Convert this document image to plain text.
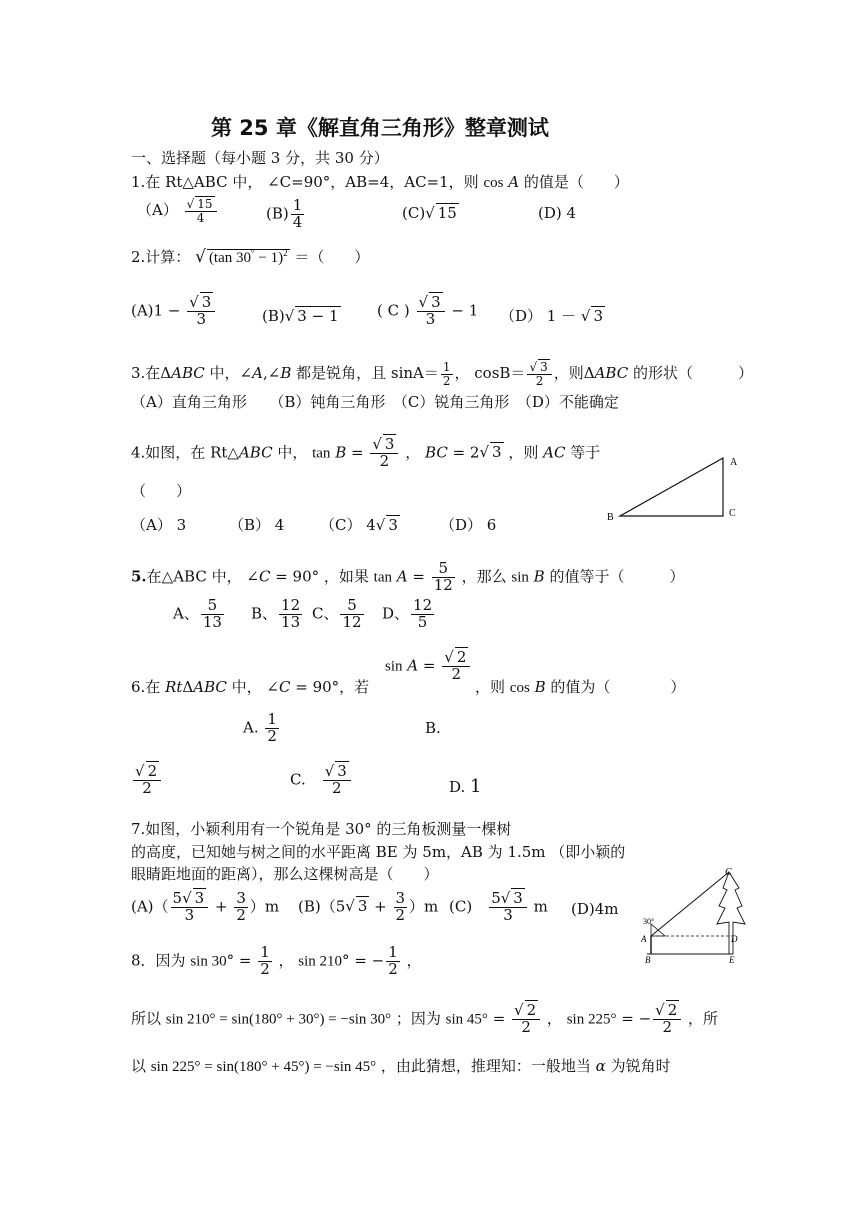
第 25 章《解直角三角形》整章测试
一、选择题（每小题 3 分，共 30 分）
1.在 Rt△ABC 中， ∠C=90°，AB=4，AC=1，则 cos A 的值是（　　）
$(A) \frac{√ 15}{4}$	$(B) \frac{1}{4}$	(C)√ 15	(D) 4
2.计算： √ (tan 30° − 1)$^2$ ＝（　　）
$(A)1 - \frac{√ 3}{3}$	(B)√ 3 − 1	( C ) $\frac{√ 3}{3} - 1$ （D） 1 － √ 3
3.在ΔABC 中，∠A,∠B 都是锐角，且 $\sin A= \frac{1}{2}$ ， $\cos B= \frac{√ 3}{2}$ ，则ΔABC 的形状（　　　）
（A）直角三角形　　（B）钝角三角形　（C）锐角三角形　（D）不能确定
4.如图，在 Rt△ABC 中， $\tan B = \frac{√ 3}{2}$ ， BC = 2√ 3 ，则 AC 等于
（　　）
（A） 3	（B） 4 （C） 4√ 3	（D） 6
A
B	C
5.在△ABC 中， ∠C = 90° ，如果 $\tan A = \frac{5}{12}$ ，那么 sin B 的值等于（　　　）
A、 $\frac{5}{13}$ B、 $\frac{12}{13}$ C、 $\frac{5}{12}$ D、 $\frac{12}{5}$
6.在 RtΔABC 中， ∠C = 90°，若
$\sin A = \frac{√ 2}{2}$
，则 cos B 的值为（　　　　）
A. $\frac{1}{2}$	B.
$\frac{√ 2}{2}$	C.　 $\frac{√ 3}{2}$	D. 1
7.如图，小颖利用有一个锐角是 30° 的三角板测量一棵树
的高度，已知她与树之间的水平距离 BE 为 5m，AB 为 1.5m （即小颖的
眼睛距地面的距离），那么这棵树高是（　　）
$(A)( \frac{5√ 3}{3} + \frac{3}{2} )m$ (B)（5√ $3 + \frac{3}{2} )m$ (C)　 $\frac{5√ 3}{3}$ m (D)4m
C
30°
A	D
B	E
8．因为 $\sin 30^\circ = \frac{1}{2}$ ， sin 210° = − $\frac{1}{2}$ ，
所以 sin 210° = sin(180° + 30°) = −sin 30° ；因为 $\sin 45^\circ = \frac{√ 2}{2}$ ， sin 225° = − $\frac{√ 2}{2}$ ，所
以 sin 225° = sin(180° + 45°) = −sin 45° ，由此猜想，推理知：一般地当 α 为锐角时
